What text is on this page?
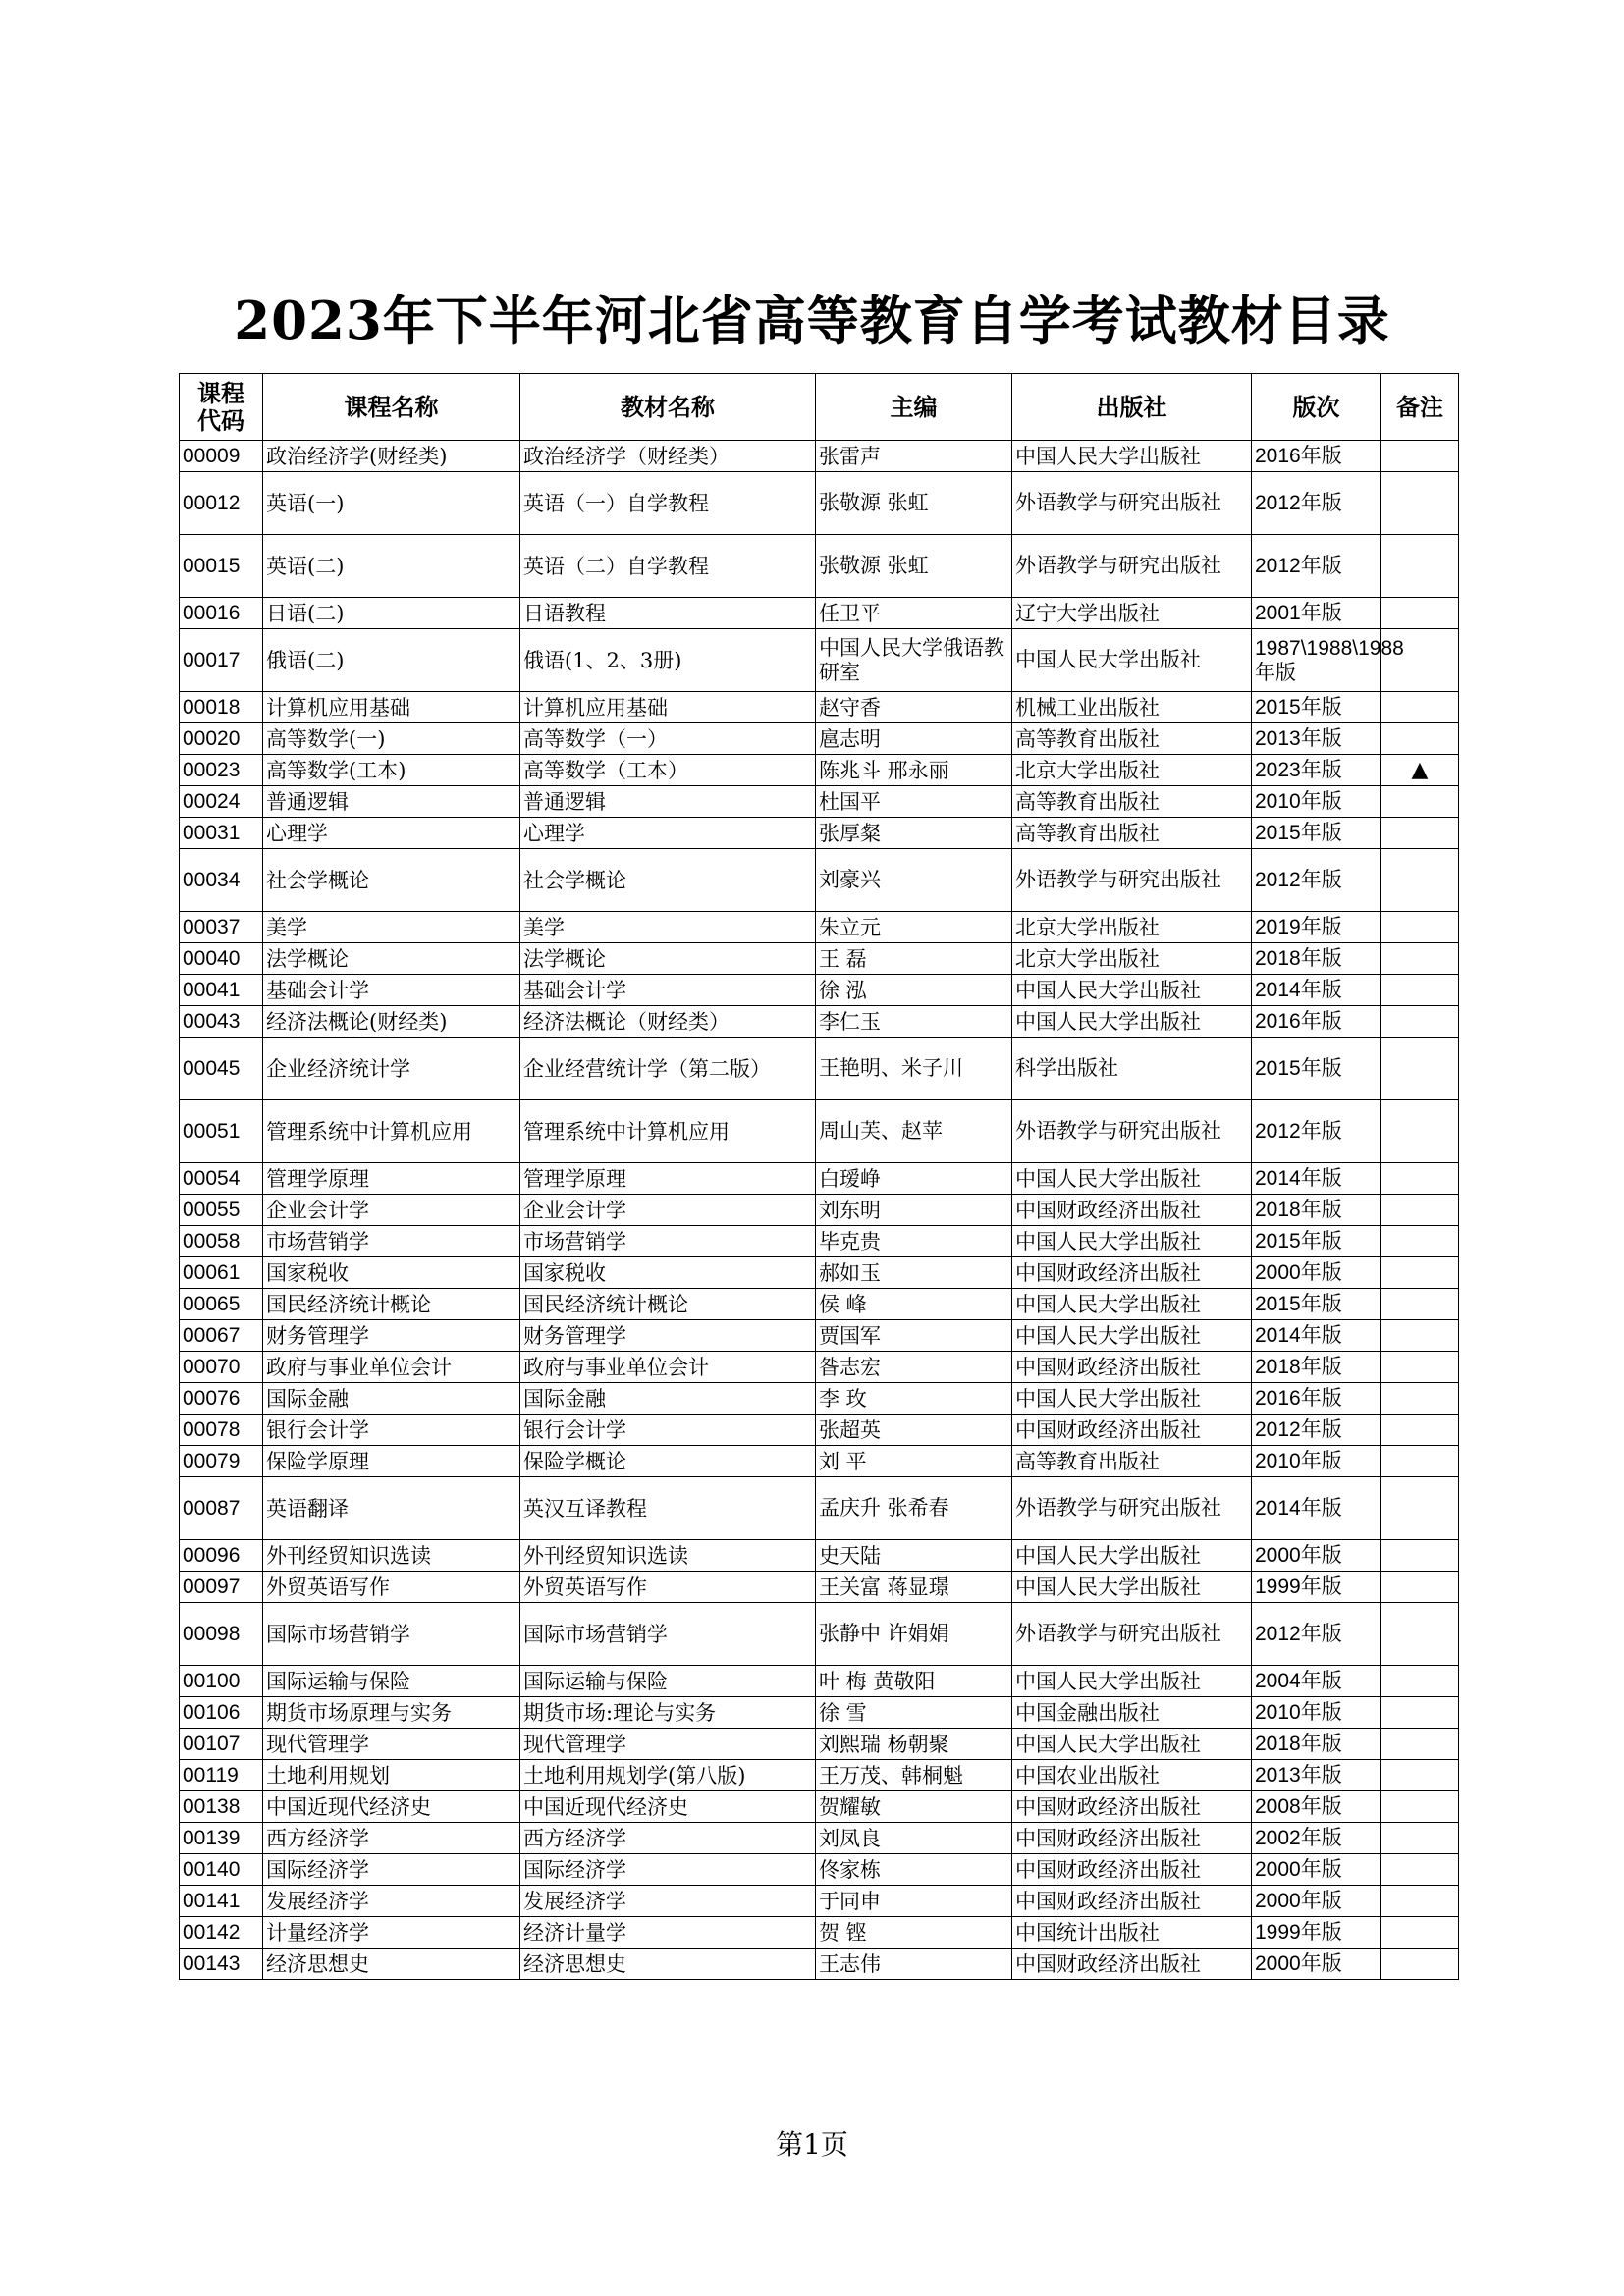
2023年下半年河北省高等教育自学考试教材目录
课程
代码	课程名称	教材名称	主编	出版社	版次	备注
00009	政治经济学(财经类)	政治经济学（财经类）	张雷声	中国人民大学出版社	2016年版	
00012	英语(一)	英语（一）自学教程	张敬源 张虹	外语教学与研究出版社	2012年版	
00015	英语(二)	英语（二）自学教程	张敬源 张虹	外语教学与研究出版社	2012年版	
00016	日语(二)	日语教程	任卫平	辽宁大学出版社	2001年版	
00017	俄语(二)	俄语(1、2、3册)	中国人民大学俄语教研室	中国人民大学出版社	1987\1988\1988年版	
00018	计算机应用基础	计算机应用基础	赵守香	机械工业出版社	2015年版	
00020	高等数学(一)	高等数学（一）	扈志明	高等教育出版社	2013年版	
00023	高等数学(工本)	高等数学（工本）	陈兆斗 邢永丽	北京大学出版社	2023年版	▲
00024	普通逻辑	普通逻辑	杜国平	高等教育出版社	2010年版	
00031	心理学	心理学	张厚粲	高等教育出版社	2015年版	
00034	社会学概论	社会学概论	刘豪兴	外语教学与研究出版社	2012年版	
00037	美学	美学	朱立元	北京大学出版社	2019年版	
00040	法学概论	法学概论	王 磊	北京大学出版社	2018年版	
00041	基础会计学	基础会计学	徐 泓	中国人民大学出版社	2014年版	
00043	经济法概论(财经类)	经济法概论（财经类）	李仁玉	中国人民大学出版社	2016年版	
00045	企业经济统计学	企业经营统计学（第二版）	王艳明、米子川	科学出版社	2015年版	
00051	管理系统中计算机应用	管理系统中计算机应用	周山芙、赵苹	外语教学与研究出版社	2012年版	
00054	管理学原理	管理学原理	白瑷峥	中国人民大学出版社	2014年版	
00055	企业会计学	企业会计学	刘东明	中国财政经济出版社	2018年版	
00058	市场营销学	市场营销学	毕克贵	中国人民大学出版社	2015年版	
00061	国家税收	国家税收	郝如玉	中国财政经济出版社	2000年版	
00065	国民经济统计概论	国民经济统计概论	侯 峰	中国人民大学出版社	2015年版	
00067	财务管理学	财务管理学	贾国军	中国人民大学出版社	2014年版	
00070	政府与事业单位会计	政府与事业单位会计	昝志宏	中国财政经济出版社	2018年版	
00076	国际金融	国际金融	李 玫	中国人民大学出版社	2016年版	
00078	银行会计学	银行会计学	张超英	中国财政经济出版社	2012年版	
00079	保险学原理	保险学概论	刘 平	高等教育出版社	2010年版	
00087	英语翻译	英汉互译教程	孟庆升 张希春	外语教学与研究出版社	2014年版	
00096	外刊经贸知识选读	外刊经贸知识选读	史天陆	中国人民大学出版社	2000年版	
00097	外贸英语写作	外贸英语写作	王关富 蒋显璟	中国人民大学出版社	1999年版	
00098	国际市场营销学	国际市场营销学	张静中 许娟娟	外语教学与研究出版社	2012年版	
00100	国际运输与保险	国际运输与保险	叶 梅 黄敬阳	中国人民大学出版社	2004年版	
00106	期货市场原理与实务	期货市场:理论与实务	徐 雪	中国金融出版社	2010年版	
00107	现代管理学	现代管理学	刘熙瑞 杨朝聚	中国人民大学出版社	2018年版	
00119	土地利用规划	土地利用规划学(第八版)	王万茂、韩桐魁	中国农业出版社	2013年版	
00138	中国近现代经济史	中国近现代经济史	贺耀敏	中国财政经济出版社	2008年版	
00139	西方经济学	西方经济学	刘凤良	中国财政经济出版社	2002年版	
00140	国际经济学	国际经济学	佟家栋	中国财政经济出版社	2000年版	
00141	发展经济学	发展经济学	于同申	中国财政经济出版社	2000年版	
00142	计量经济学	经济计量学	贺 铿	中国统计出版社	1999年版	
00143	经济思想史	经济思想史	王志伟	中国财政经济出版社	2000年版	
第1页
